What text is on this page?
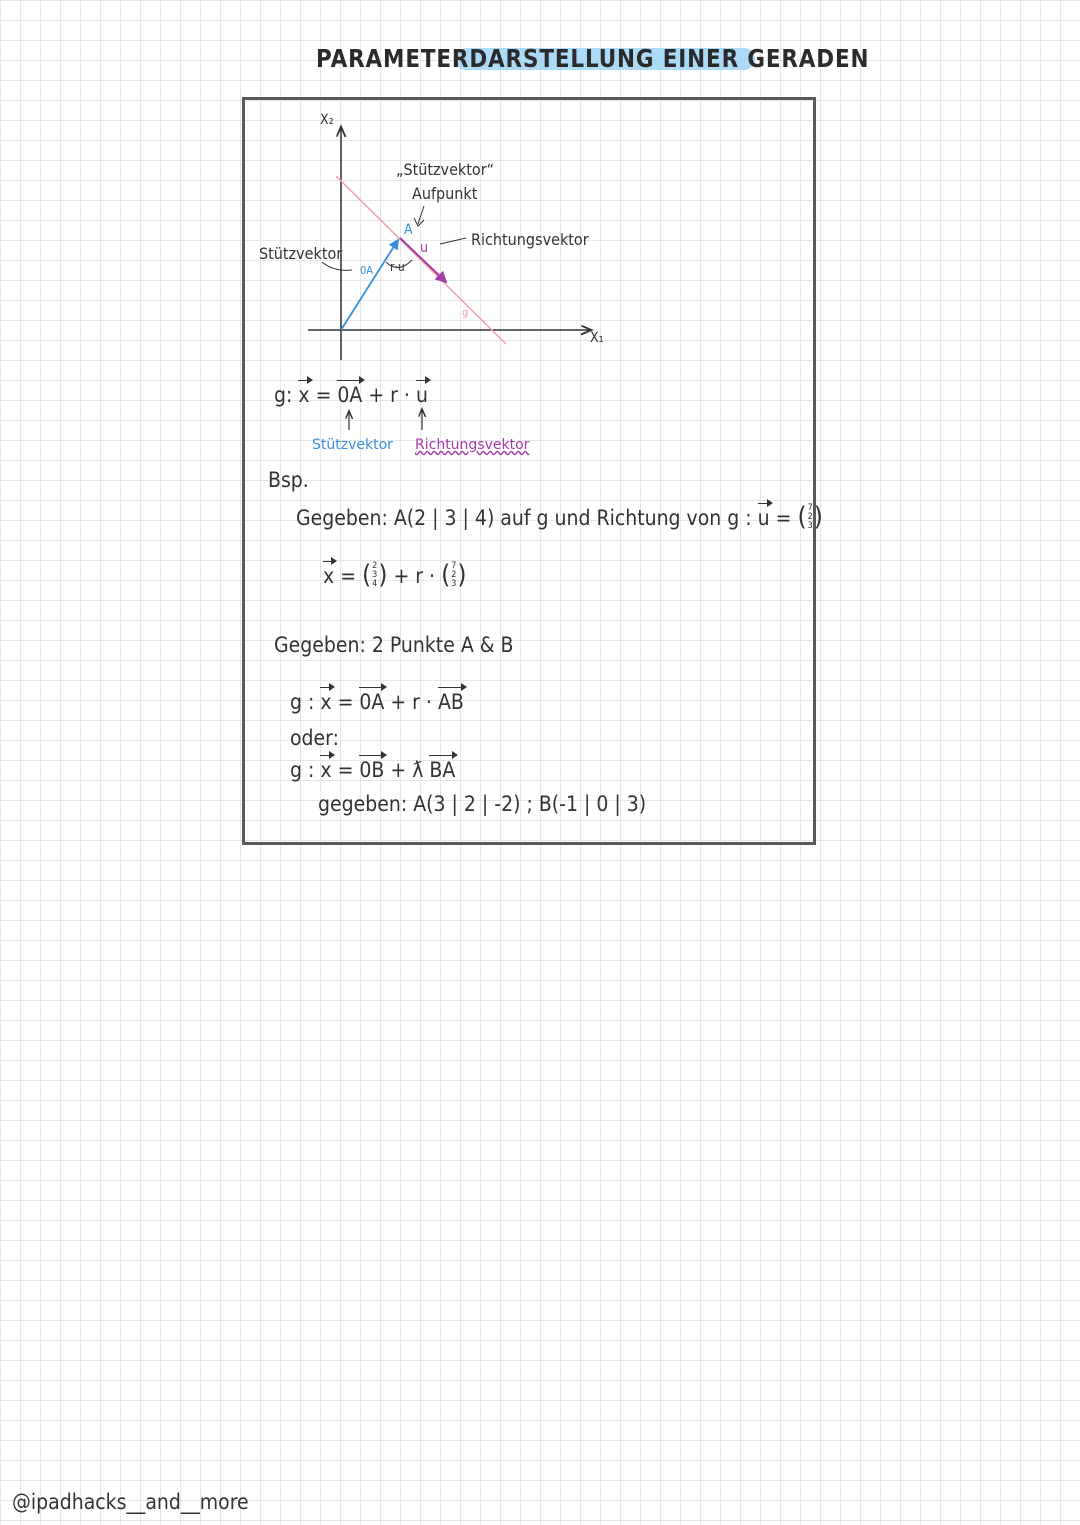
PARAMETERDARSTELLUNG EINER GERADEN
X₂
X₁
„Stützvektor“
Aufpunkt
A
u	Richtungsvektor
Stützvektor
0A r·u
g
g: x = 0A + r · u
Stützvektor Richtungsvektor
Bsp.
Gegeben: A(2 | 3 | 4) auf g und Richtung von g : u = ( 7
2
3 )
x = ( 2
3
4 ) + r · ( 7
2
3 )
Gegeben: 2 Punkte A & B
g : x = 0A + r · AB
oder:
g : x = 0B + ƛ BA
gegeben: A(3 | 2 | -2) ; B(-1 | 0 | 3)
@ipadhacks__and__more
